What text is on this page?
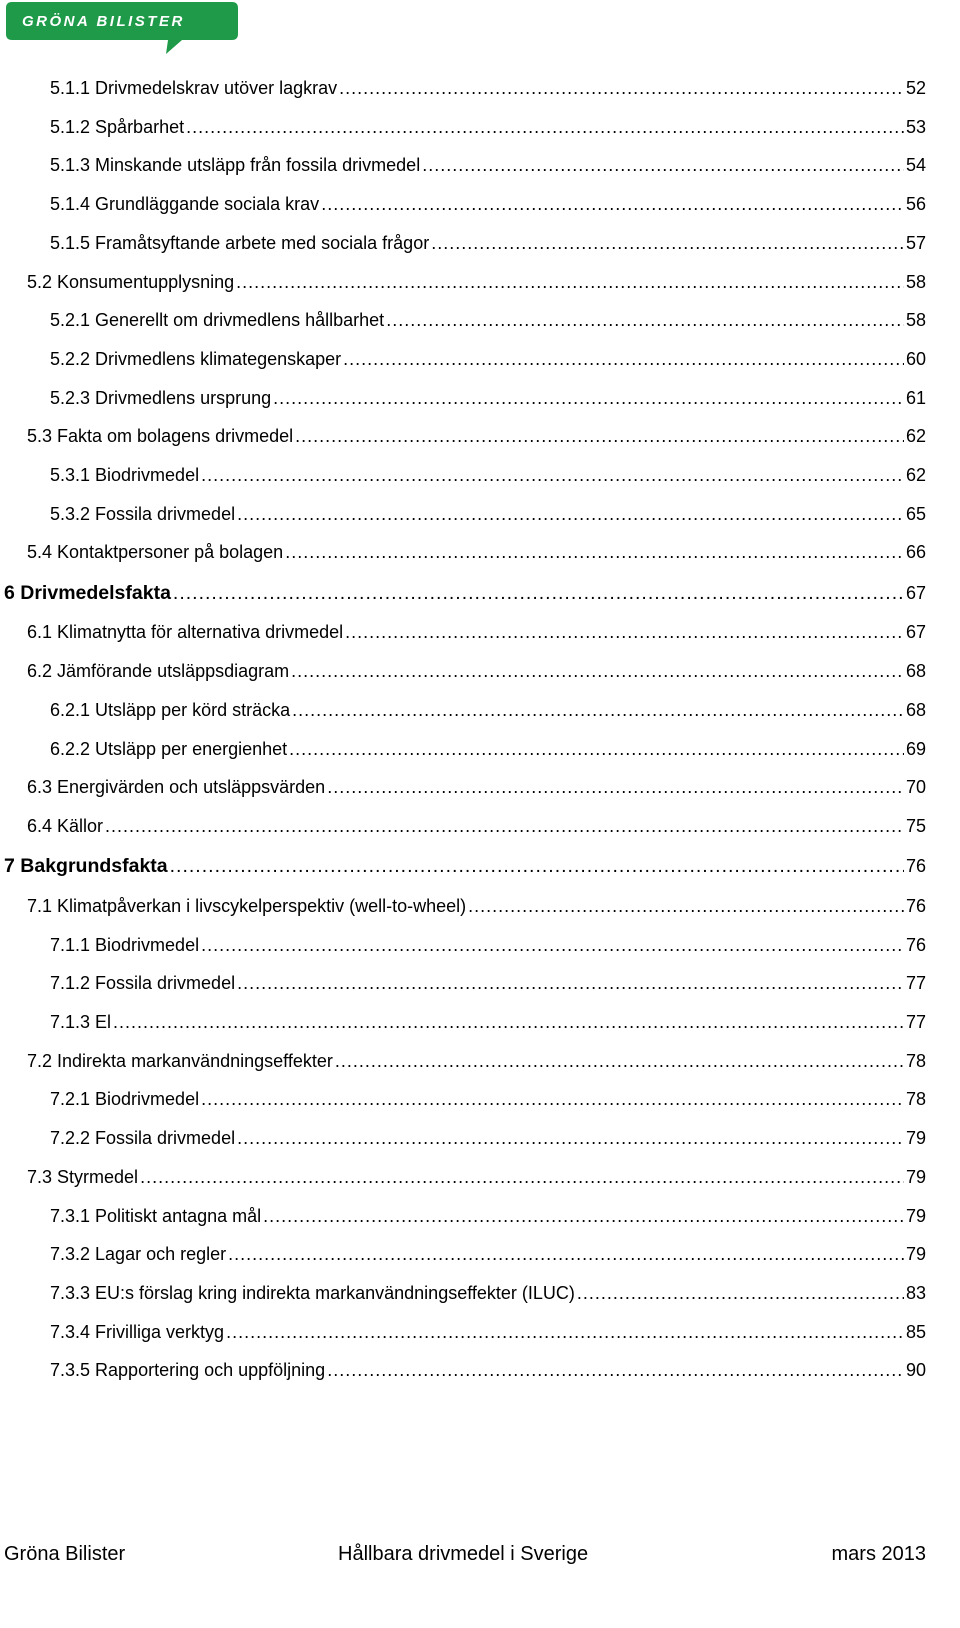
GRÖNA BILISTER
5.1.1 Drivmedelskrav utöver lagkrav .....	52
5.1.2 Spårbarhet .....	53
5.1.3 Minskande utsläpp från fossila drivmedel .....	54
5.1.4 Grundläggande sociala krav .....	56
5.1.5 Framåtsyftande arbete med sociala frågor .....	57
5.2 Konsumentupplysning .....	58
5.2.1 Generellt om drivmedlens hållbarhet .....	58
5.2.2 Drivmedlens klimategenskaper .....	60
5.2.3 Drivmedlens ursprung .....	61
5.3 Fakta om bolagens drivmedel .....	62
5.3.1 Biodrivmedel .....	62
5.3.2 Fossila drivmedel .....	65
5.4 Kontaktpersoner på bolagen .....	66
6 Drivmedelsfakta .....	67
6.1 Klimatnytta för alternativa drivmedel .....	67
6.2 Jämförande utsläppsdiagram .....	68
6.2.1 Utsläpp per körd sträcka .....	68
6.2.2 Utsläpp per energienhet .....	69
6.3 Energivärden och utsläppsvärden .....	70
6.4 Källor .....	75
7 Bakgrundsfakta .....	76
7.1 Klimatpåverkan i livscykelperspektiv (well-to-wheel) .....	76
7.1.1 Biodrivmedel .....	76
7.1.2 Fossila drivmedel .....	77
7.1.3 El .....	77
7.2 Indirekta markanvändningseffekter .....	78
7.2.1 Biodrivmedel .....	78
7.2.2 Fossila drivmedel .....	79
7.3 Styrmedel .....	79
7.3.1 Politiskt antagna mål .....	79
7.3.2 Lagar och regler .....	79
7.3.3 EU:s förslag kring indirekta markanvändningseffekter (ILUC) .....	83
7.3.4 Frivilliga verktyg .....	85
7.3.5 Rapportering och uppföljning .....	90
Gröna Bilister	Hållbara drivmedel i Sverige	mars 2013
